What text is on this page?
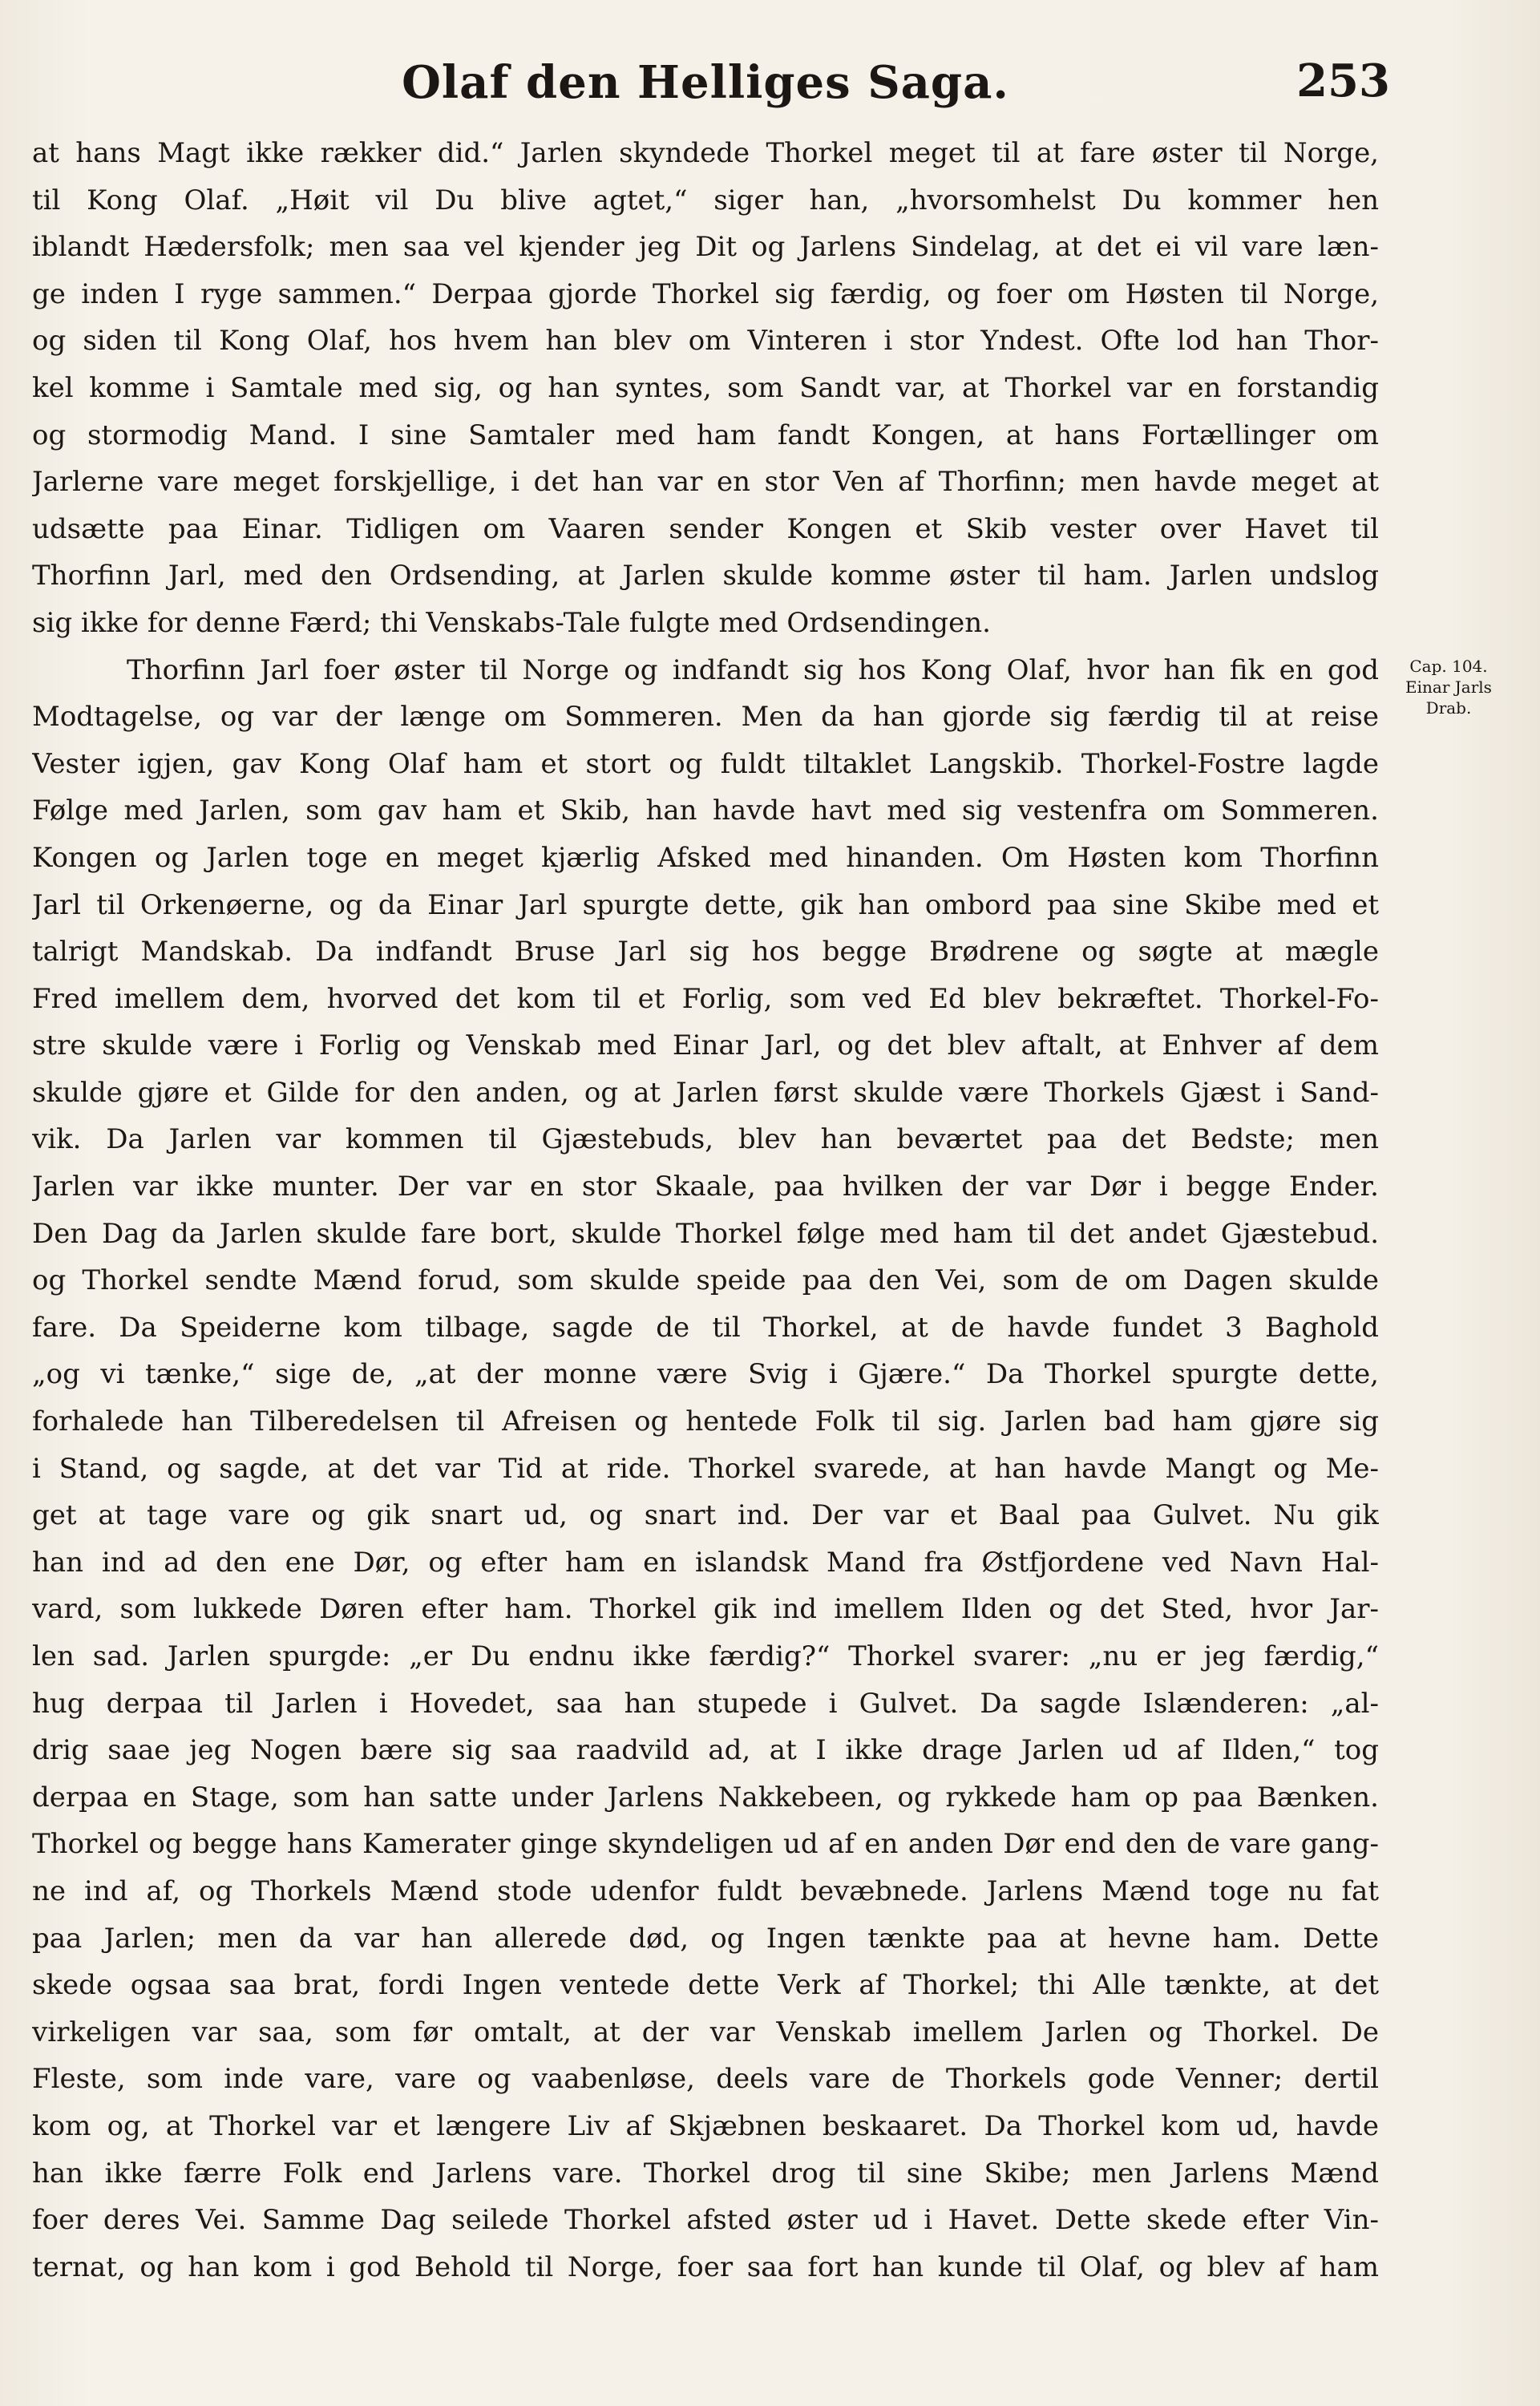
Olaf den Helliges Saga.	253
at hans Magt ikke rækker did.“ Jarlen skyndede Thorkel meget til at fare øster til Norge,
til Kong Olaf. „Høit vil Du blive agtet,“ siger han, „hvorsomhelst Du kommer hen
iblandt Hædersfolk; men saa vel kjender jeg Dit og Jarlens Sindelag, at det ei vil vare læn-
ge inden I ryge sammen.“ Derpaa gjorde Thorkel sig færdig, og foer om Høsten til Norge,
og siden til Kong Olaf, hos hvem han blev om Vinteren i stor Yndest. Ofte lod han Thor-
kel komme i Samtale med sig, og han syntes, som Sandt var, at Thorkel var en forstandig
og stormodig Mand. I sine Samtaler med ham fandt Kongen, at hans Fortællinger om
Jarlerne vare meget forskjellige, i det han var en stor Ven af Thorfinn; men havde meget at
udsætte paa Einar. Tidligen om Vaaren sender Kongen et Skib vester over Havet til
Thorfinn Jarl, med den Ordsending, at Jarlen skulde komme øster til ham. Jarlen undslog
sig ikke for denne Færd; thi Venskabs-Tale fulgte med Ordsendingen.
Thorfinn Jarl foer øster til Norge og indfandt sig hos Kong Olaf, hvor han fik en god
Modtagelse, og var der længe om Sommeren. Men da han gjorde sig færdig til at reise
Vester igjen, gav Kong Olaf ham et stort og fuldt tiltaklet Langskib. Thorkel-Fostre lagde
Følge med Jarlen, som gav ham et Skib, han havde havt med sig vestenfra om Sommeren.
Kongen og Jarlen toge en meget kjærlig Afsked med hinanden. Om Høsten kom Thorfinn
Jarl til Orkenøerne, og da Einar Jarl spurgte dette, gik han ombord paa sine Skibe med et
talrigt Mandskab. Da indfandt Bruse Jarl sig hos begge Brødrene og søgte at mægle
Fred imellem dem, hvorved det kom til et Forlig, som ved Ed blev bekræftet. Thorkel-Fo-
stre skulde være i Forlig og Venskab med Einar Jarl, og det blev aftalt, at Enhver af dem
skulde gjøre et Gilde for den anden, og at Jarlen først skulde være Thorkels Gjæst i Sand-
vik. Da Jarlen var kommen til Gjæstebuds, blev han beværtet paa det Bedste; men
Jarlen var ikke munter. Der var en stor Skaale, paa hvilken der var Dør i begge Ender.
Den Dag da Jarlen skulde fare bort, skulde Thorkel følge med ham til det andet Gjæstebud.
og Thorkel sendte Mænd forud, som skulde speide paa den Vei, som de om Dagen skulde
fare. Da Speiderne kom tilbage, sagde de til Thorkel, at de havde fundet 3 Baghold
„og vi tænke,“ sige de, „at der monne være Svig i Gjære.“ Da Thorkel spurgte dette,
forhalede han Tilberedelsen til Afreisen og hentede Folk til sig. Jarlen bad ham gjøre sig
i Stand, og sagde, at det var Tid at ride. Thorkel svarede, at han havde Mangt og Me-
get at tage vare og gik snart ud, og snart ind. Der var et Baal paa Gulvet. Nu gik
han ind ad den ene Dør, og efter ham en islandsk Mand fra Østfjordene ved Navn Hal-
vard, som lukkede Døren efter ham. Thorkel gik ind imellem Ilden og det Sted, hvor Jar-
len sad. Jarlen spurgde: „er Du endnu ikke færdig?“ Thorkel svarer: „nu er jeg færdig,“
hug derpaa til Jarlen i Hovedet, saa han stupede i Gulvet. Da sagde Islænderen: „al-
drig saae jeg Nogen bære sig saa raadvild ad, at I ikke drage Jarlen ud af Ilden,“ tog
derpaa en Stage, som han satte under Jarlens Nakkebeen, og rykkede ham op paa Bænken.
Thorkel og begge hans Kamerater ginge skyndeligen ud af en anden Dør end den de vare gang-
ne ind af, og Thorkels Mænd stode udenfor fuldt bevæbnede. Jarlens Mænd toge nu fat
paa Jarlen; men da var han allerede død, og Ingen tænkte paa at hevne ham. Dette
skede ogsaa saa brat, fordi Ingen ventede dette Verk af Thorkel; thi Alle tænkte, at det
virkeligen var saa, som før omtalt, at der var Venskab imellem Jarlen og Thorkel. De
Fleste, som inde vare, vare og vaabenløse, deels vare de Thorkels gode Venner; dertil
kom og, at Thorkel var et længere Liv af Skjæbnen beskaaret. Da Thorkel kom ud, havde
han ikke færre Folk end Jarlens vare. Thorkel drog til sine Skibe; men Jarlens Mænd
foer deres Vei. Samme Dag seilede Thorkel afsted øster ud i Havet. Dette skede efter Vin-
ternat, og han kom i god Behold til Norge, foer saa fort han kunde til Olaf, og blev af ham
Cap. 104.
Einar Jarls
Drab.
